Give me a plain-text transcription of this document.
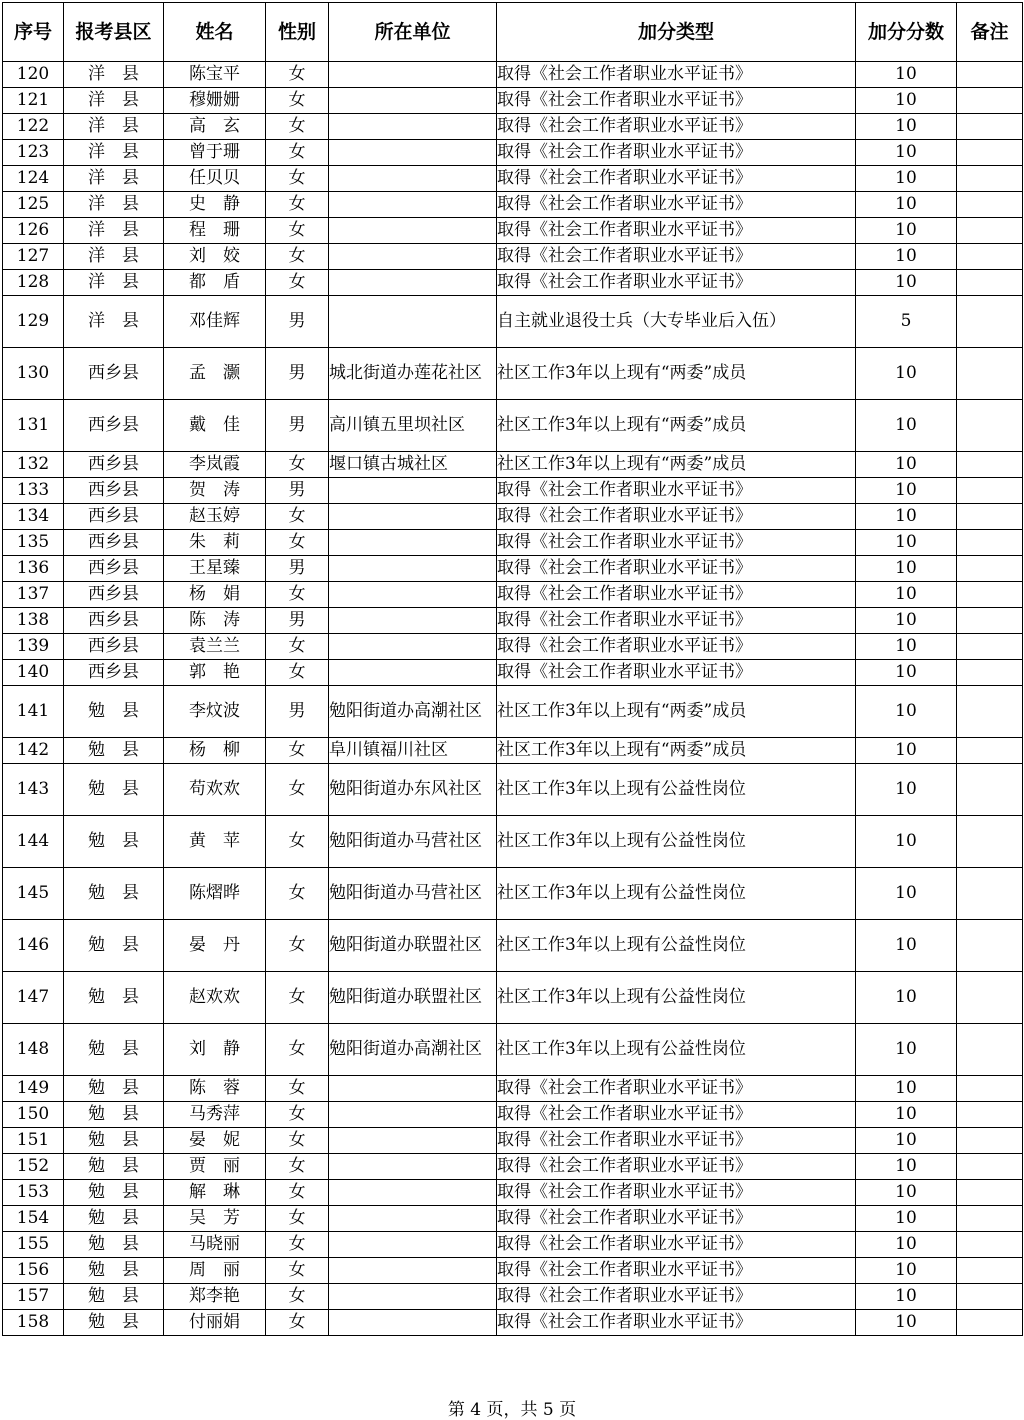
序号	报考县区	姓名	性别	所在单位	加分类型	加分分数	备注
120	洋　县	陈宝平	女		取得《社会工作者职业水平证书》	10	
121	洋　县	穆姗姗	女		取得《社会工作者职业水平证书》	10	
122	洋　县	高　玄	女		取得《社会工作者职业水平证书》	10	
123	洋　县	曾于珊	女		取得《社会工作者职业水平证书》	10	
124	洋　县	任贝贝	女		取得《社会工作者职业水平证书》	10	
125	洋　县	史　静	女		取得《社会工作者职业水平证书》	10	
126	洋　县	程　珊	女		取得《社会工作者职业水平证书》	10	
127	洋　县	刘　姣	女		取得《社会工作者职业水平证书》	10	
128	洋　县	都　盾	女		取得《社会工作者职业水平证书》	10	
129	洋　县	邓佳辉	男		自主就业退役士兵（大专毕业后入伍）	5	
130	西乡县	孟　灏	男	城北街道办莲花社区	社区工作3年以上现有“两委”成员	10	
131	西乡县	戴　佳	男	高川镇五里坝社区	社区工作3年以上现有“两委”成员	10	
132	西乡县	李岚霞	女	堰口镇古城社区	社区工作3年以上现有“两委”成员	10	
133	西乡县	贺　涛	男		取得《社会工作者职业水平证书》	10	
134	西乡县	赵玉婷	女		取得《社会工作者职业水平证书》	10	
135	西乡县	朱　莉	女		取得《社会工作者职业水平证书》	10	
136	西乡县	王星臻	男		取得《社会工作者职业水平证书》	10	
137	西乡县	杨　娟	女		取得《社会工作者职业水平证书》	10	
138	西乡县	陈　涛	男		取得《社会工作者职业水平证书》	10	
139	西乡县	袁兰兰	女		取得《社会工作者职业水平证书》	10	
140	西乡县	郭　艳	女		取得《社会工作者职业水平证书》	10	
141	勉　县	李炆波	男	勉阳街道办高潮社区	社区工作3年以上现有“两委”成员	10	
142	勉　县	杨　柳	女	阜川镇福川社区	社区工作3年以上现有“两委”成员	10	
143	勉　县	苟欢欢	女	勉阳街道办东风社区	社区工作3年以上现有公益性岗位	10	
144	勉　县	黄　苹	女	勉阳街道办马营社区	社区工作3年以上现有公益性岗位	10	
145	勉　县	陈熠晔	女	勉阳街道办马营社区	社区工作3年以上现有公益性岗位	10	
146	勉　县	晏　丹	女	勉阳街道办联盟社区	社区工作3年以上现有公益性岗位	10	
147	勉　县	赵欢欢	女	勉阳街道办联盟社区	社区工作3年以上现有公益性岗位	10	
148	勉　县	刘　静	女	勉阳街道办高潮社区	社区工作3年以上现有公益性岗位	10	
149	勉　县	陈　蓉	女		取得《社会工作者职业水平证书》	10	
150	勉　县	马秀萍	女		取得《社会工作者职业水平证书》	10	
151	勉　县	晏　妮	女		取得《社会工作者职业水平证书》	10	
152	勉　县	贾　丽	女		取得《社会工作者职业水平证书》	10	
153	勉　县	解　琳	女		取得《社会工作者职业水平证书》	10	
154	勉　县	吴　芳	女		取得《社会工作者职业水平证书》	10	
155	勉　县	马晓丽	女		取得《社会工作者职业水平证书》	10	
156	勉　县	周　丽	女		取得《社会工作者职业水平证书》	10	
157	勉　县	郑李艳	女		取得《社会工作者职业水平证书》	10	
158	勉　县	付丽娟	女		取得《社会工作者职业水平证书》	10	
第 4 页，共 5 页
